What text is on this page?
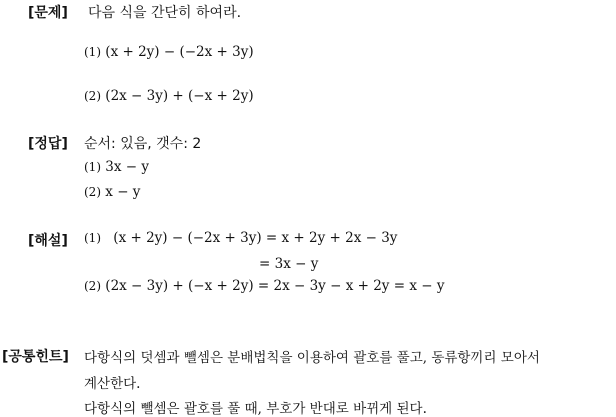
[문제] 다음 식을 간단히 하여라.
(1) (x + 2y) − (−2x + 3y)
(2) (2x − 3y) + (−x + 2y)
[정답] 순서: 있음, 갯수: 2
(1) 3x − y
(2) x − y
[해설] (1) (x + 2y) − (−2x + 3y) = x + 2y + 2x − 3y
= 3x − y
(2) (2x − 3y) + (−x + 2y) = 2x − 3y − x + 2y = x − y
[공통힌트] 다항식의 덧셈과 뺄셈은 분배법칙을 이용하여 괄호를 풀고, 동류항끼리 모아서
계산한다.
다항식의 뺄셈은 괄호를 풀 때, 부호가 반대로 바뀌게 된다.
